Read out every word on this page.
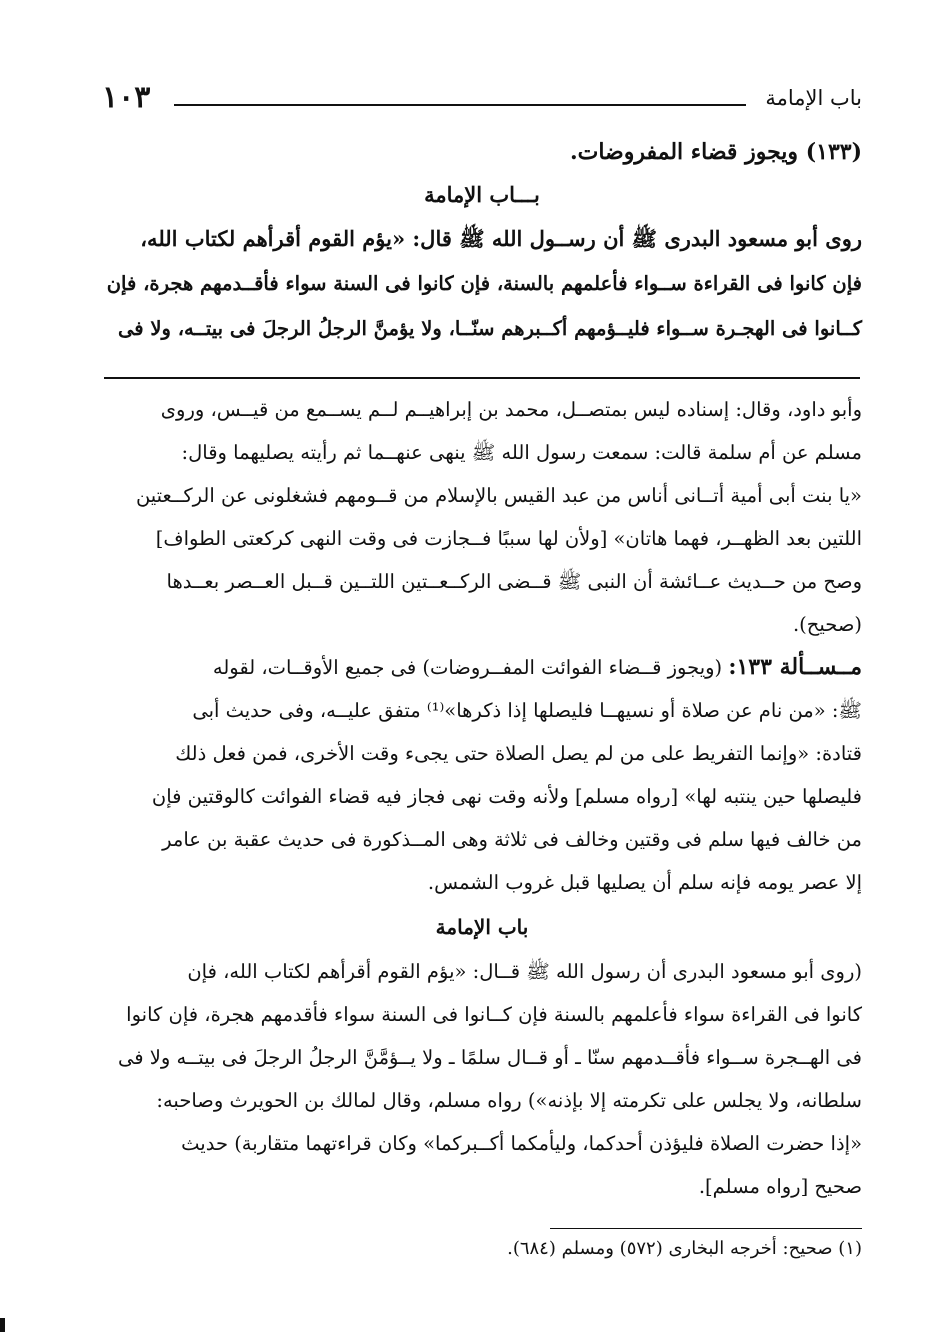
باب الإمامة
١٠٣
(١٣٣) ويجوز قضاء المفروضات.
بـــاب الإمامة
روى أبو مسعود البدرى ﷺ أن رســول الله ﷺ قال: «يؤم القوم أقرأهم لكتاب الله،
فإن كانوا فى القراءة ســواء فأعلمهم بالسنة، فإن كانوا فى السنة سواء فأقــدمهم هجرة، فإن
كــانوا فى الهجـرة ســواء فليــؤمهم أكــبرهم سنّــا، ولا يؤمنَّ الرجلُ الرجلَ فى بيتــه، ولا فى
وأبو داود، وقال: إسناده ليس بمتصــل، محمد بن إبراهيــم لــم يســمع من قيــس، وروى
مسلم عن أم سلمة قالت: سمعت رسول الله ﷺ ينهى عنهــما ثم رأيته يصليهما وقال:
«يا بنت أبى أمية أتــانى أناس من عبد القيس بالإسلام من قــومهم فشغلونى عن الركــعتين
اللتين بعد الظهــر، فهما هاتان» [ولأن لها سببًا فــجازت فى وقت النهى كركعتى الطواف]
وصح من حــديث عــائشة أن النبى ﷺ قــضى الركــعــتين اللتــين قــبل العــصر بعــدها
(صحيح).
مــســألة ١٣٣: (ويجوز قــضاء الفوائت المفــروضات) فى جميع الأوقــات، لقوله
ﷺ: «من نام عن صلاة أو نسيهــا فليصلها إذا ذكرها»⁽¹⁾ متفق عليــه، وفى حديث أبى
قتادة: «وإنما التفريط على من لم يصل الصلاة حتى يجىء وقت الأخرى، فمن فعل ذلك
فليصلها حين ينتبه لها» [رواه مسلم] ولأنه وقت نهى فجاز فيه قضاء الفوائت كالوقتين فإن
من خالف فيها سلم فى وقتين وخالف فى ثلاثة وهى المــذكورة فى حديث عقبة بن عامر
إلا عصر يومه فإنه سلم أن يصليها قبل غروب الشمس.
باب الإمامة
(روى أبو مسعود البدرى أن رسول الله ﷺ قــال: «يؤم القوم أقرأهم لكتاب الله، فإن
كانوا فى القراءة سواء فأعلمهم بالسنة فإن كــانوا فى السنة سواء فأقدمهم هجرة، فإن كانوا
فى الهــجرة ســواء فأقــدمهم سنّا ـ أو قــال سلمًا ـ ولا يــؤمَّنَّ الرجلُ الرجلَ فى بيتــه ولا فى
سلطانه، ولا يجلس على تكرمته إلا بإذنه») رواه مسلم، وقال لمالك بن الحويرث وصاحبه:
«إذا حضرت الصلاة فليؤذن أحدكما، وليأمكما أكــبركما» وكان قراءتهما متقاربة) حديث
صحيح [رواه مسلم].
(١) صحيح: أخرجه البخارى (٥٧٢) ومسلم (٦٨٤).
